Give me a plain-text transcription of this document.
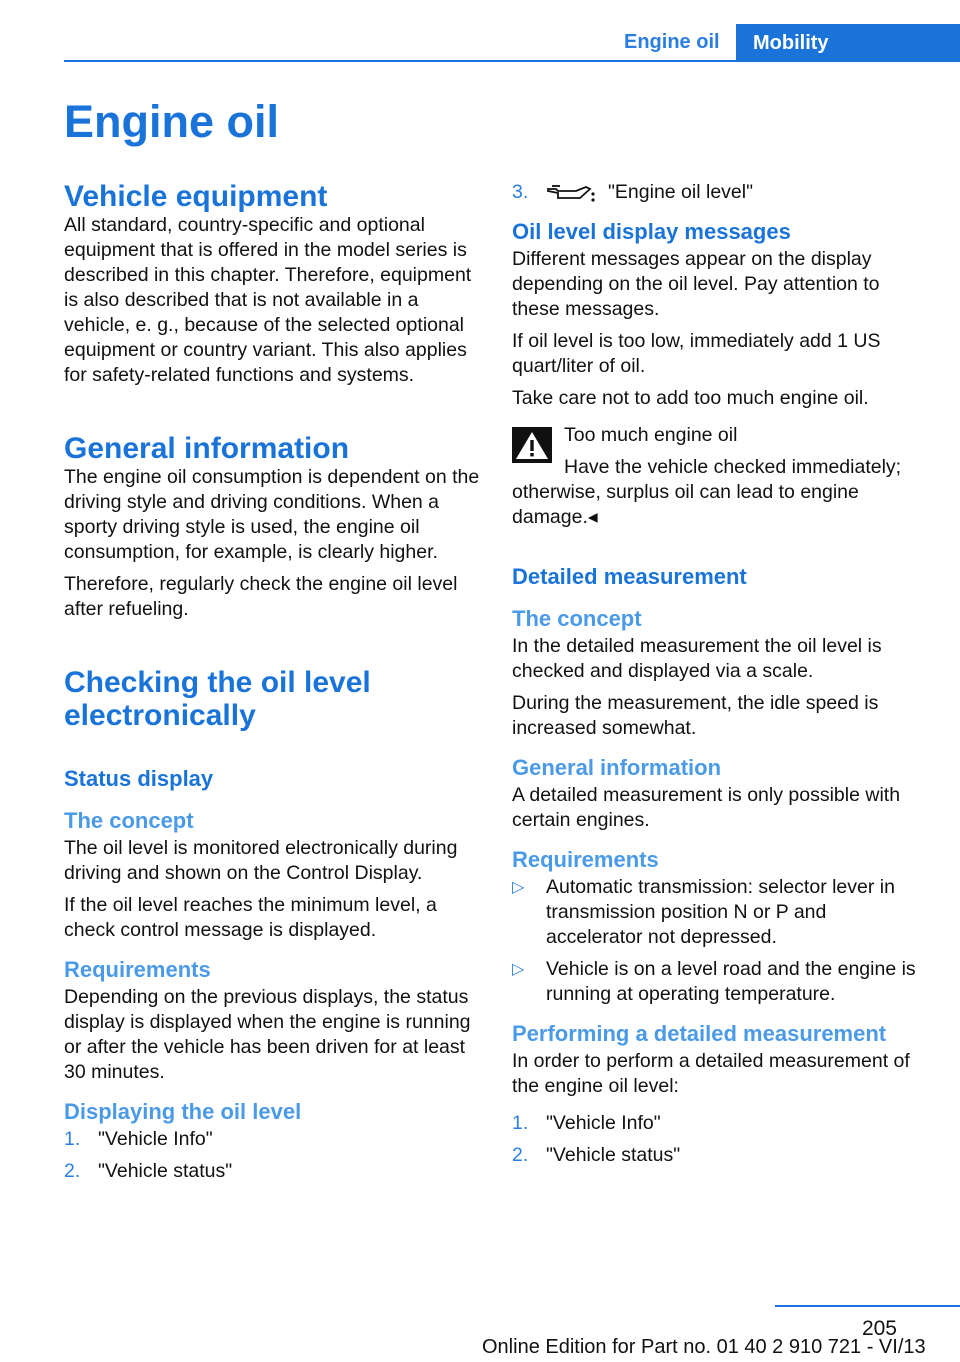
Engine oil	Mobility
Engine oil
Vehicle equipment

All standard, country-specific and optional equipment that is offered in the model series is described in this chapter. Therefore, equipment is also described that is not available in a vehicle, e. g., because of the selected optional equipment or country variant. This also applies for safety-related functions and systems.

General information

The engine oil consumption is dependent on the driving style and driving conditions. When a sporty driving style is used, the engine oil consumption, for example, is clearly higher.

Therefore, regularly check the engine oil level after refueling.

Checking the oil level electronically
Status display
The concept

The oil level is monitored electronically during driving and shown on the Control Display.

If the oil level reaches the minimum level, a check control message is displayed.

Requirements

Depending on the previous displays, the status display is displayed when the engine is running or after the vehicle has been driven for at least 30 minutes.

Displaying the oil level
1. "Vehicle Info"
2. "Vehicle status"
3.	"Engine oil level"
Oil level display messages

Different messages appear on the display depending on the oil level. Pay attention to these messages.

If oil level is too low, immediately add 1 US quart/liter of oil.

Take care not to add too much engine oil.

Too much engine oil
Have the vehicle checked immediately; otherwise, surplus oil can lead to engine damage.◂
Detailed measurement
The concept

In the detailed measurement the oil level is checked and displayed via a scale.

During the measurement, the idle speed is increased somewhat.

General information

A detailed measurement is only possible with certain engines.

Requirements
▷ Automatic transmission: selector lever in transmission position N or P and accelerator not depressed.
▷ Vehicle is on a level road and the engine is running at operating temperature.
Performing a detailed measurement

In order to perform a detailed measurement of the engine oil level:

1. "Vehicle Info"
2. "Vehicle status"
205
Online Edition for Part no. 01 40 2 910 721 - VI/13
